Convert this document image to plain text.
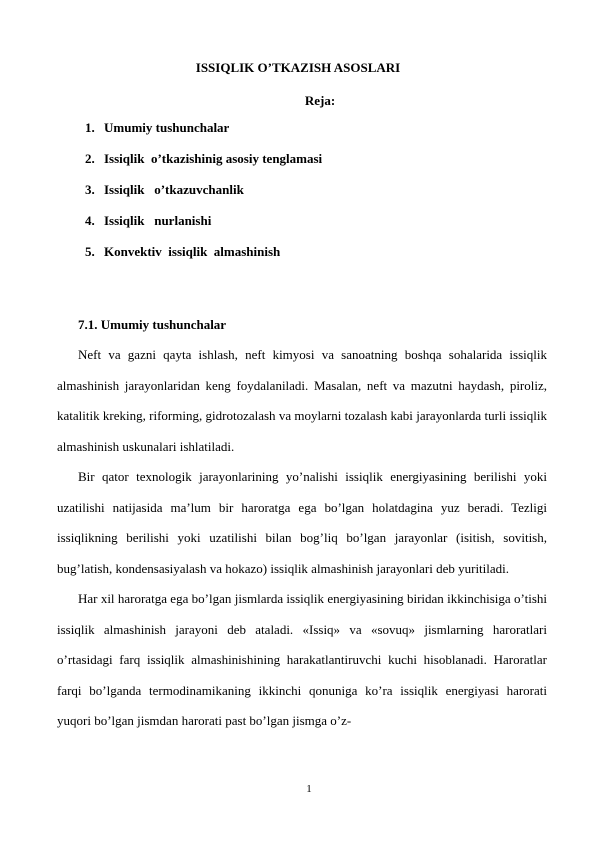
ISSIQLIK O’TKAZISH ASOSLARI
Reja:
1. Umumiy tushunchalar
2. Issiqlik  o’tkazishinig asosiy tenglamasi
3. Issiqlik   o’tkazuvchanlik
4. Issiqlik   nurlanishi
5. Konvektiv  issiqlik  almashinish
7.1. Umumiy tushunchalar

Neft va gazni qayta ishlash, neft kimyosi va sanoatning boshqa sohalarida issiqlik almashinish jarayonlaridan keng foydalaniladi. Masalan, neft va mazutni haydash, piroliz, katalitik kreking, riforming, gidrotozalash va moylarni tozalash kabi jarayonlarda turli issiqlik almashinish uskunalari ishlatiladi.

Bir qator texnologik jarayonlarining yo’nalishi issiqlik energiyasining berilishi yoki uzatilishi natijasida ma’lum bir haroratga ega bo’lgan holatdagina yuz beradi. Tezligi issiqlikning berilishi yoki uzatilishi bilan bog’liq bo’lgan jarayonlar (isitish, sovitish, bug’latish, kondensasiyalash va hokazo) issiqlik almashinish jarayonlari deb yuritiladi.

Har xil haroratga ega bo’lgan jismlarda issiqlik energiyasining biridan ikkinchisiga o’tishi issiqlik almashinish jarayoni deb ataladi. «Issiq» va «sovuq» jismlarning haroratlari o’rtasidagi farq issiqlik almashinishining harakatlantiruvchi kuchi hisoblanadi. Haroratlar farqi bo’lganda termodinamikaning ikkinchi qonuniga ko’ra issiqlik energiyasi harorati yuqori bo’lgan jismdan harorati past bo’lgan jismga o’z-

1
